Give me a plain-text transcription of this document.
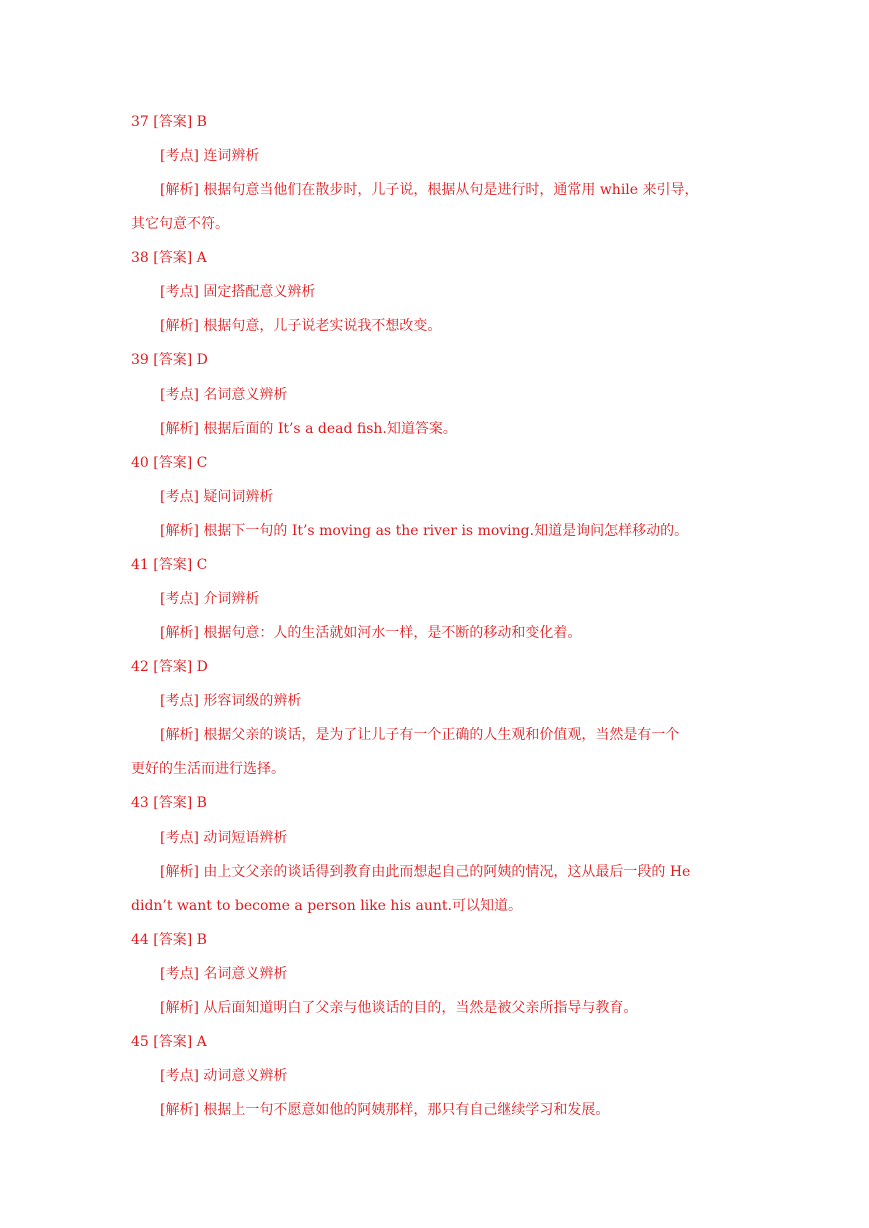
37 [答案] B
[考点] 连词辨析
[解析] 根据句意当他们在散步时，儿子说，根据从句是进行时，通常用 while 来引导，
其它句意不符。
38 [答案] A
[考点] 固定搭配意义辨析
[解析] 根据句意，儿子说老实说我不想改变。
39 [答案] D
[考点] 名词意义辨析
[解析] 根据后面的 It’s a dead fish.知道答案。
40 [答案] C
[考点] 疑问词辨析
[解析] 根据下一句的 It’s moving as the river is moving.知道是询问怎样移动的。
41 [答案] C
[考点] 介词辨析
[解析] 根据句意：人的生活就如河水一样，是不断的移动和变化着。
42 [答案] D
[考点] 形容词级的辨析
[解析] 根据父亲的谈话，是为了让儿子有一个正确的人生观和价值观，当然是有一个
更好的生活而进行选择。
43 [答案] B
[考点] 动词短语辨析
[解析] 由上文父亲的谈话得到教育由此而想起自己的阿姨的情况，这从最后一段的 He
didn’t want to become a person like his aunt.可以知道。
44 [答案] B
[考点] 名词意义辨析
[解析] 从后面知道明白了父亲与他谈话的目的，当然是被父亲所指导与教育。
45 [答案] A
[考点] 动词意义辨析
[解析] 根据上一句不愿意如他的阿姨那样，那只有自己继续学习和发展。
